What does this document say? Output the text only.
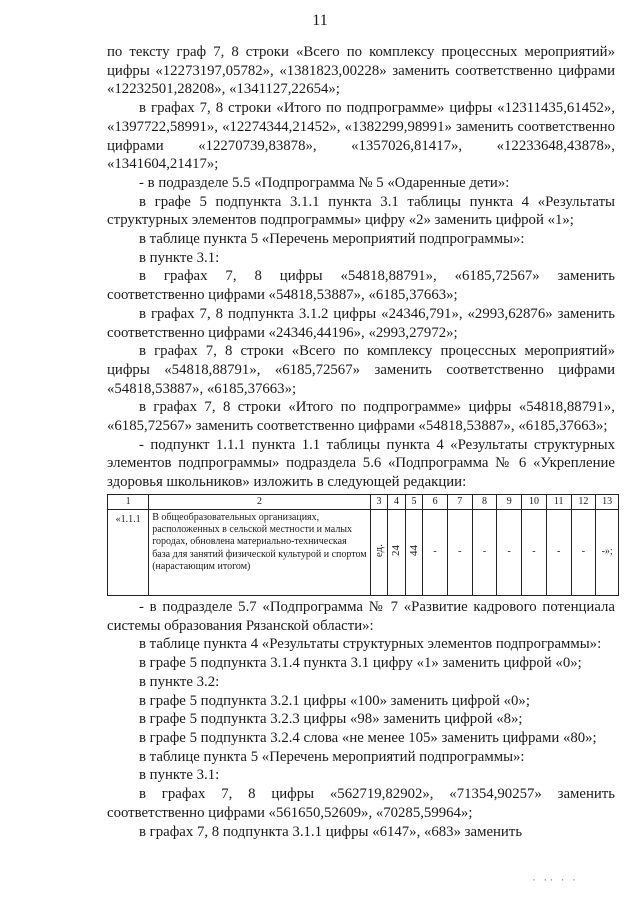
11

по тексту граф 7, 8 строки «Всего по комплексу процессных мероприятий» цифры «12273197,05782», «1381823,00228» заменить соответственно цифрами «12232501,28208», «1341127,22654»;

в графах 7, 8 строки «Итого по подпрограмме» цифры «12311435,61452», «1397722,58991», «12274344,21452», «1382299,98991» заменить соответственно цифрами «12270739,83878», «1357026,81417», «12233648,43878», «1341604,21417»;

- в подразделе 5.5 «Подпрограмма № 5 «Одаренные дети»:

в графе 5 подпункта 3.1.1 пункта 3.1 таблицы пункта 4 «Результаты структурных элементов подпрограммы» цифру «2» заменить цифрой «1»;

в таблице пункта 5 «Перечень мероприятий подпрограммы»:

в пункте 3.1:

в графах 7, 8 цифры «54818,88791», «6185,72567» заменить соответственно цифрами «54818,53887», «6185,37663»;

в графах 7, 8 подпункта 3.1.2 цифры «24346,791», «2993,62876» заменить соответственно цифрами «24346,44196», «2993,27972»;

в графах 7, 8 строки «Всего по комплексу процессных мероприятий» цифры «54818,88791», «6185,72567» заменить соответственно цифрами «54818,53887», «6185,37663»;

в графах 7, 8 строки «Итого по подпрограмме» цифры «54818,88791», «6185,72567» заменить соответственно цифрами «54818,53887», «6185,37663»;

- подпункт 1.1.1 пункта 1.1 таблицы пункта 4 «Результаты структурных элементов подпрограммы» подраздела 5.6 «Подпрограмма № 6 «Укрепление здоровья школьников» изложить в следующей редакции:

1	2	3	4	5	6	7	8	9	10	11	12	13
«1.1.1	В общеобразовательных организациях, расположенных в сельской местности и малых городах, обновлена материально-техническая база для занятий физической культурой и спортом (нарастающим итогом)	ед.	24	44	-	-	-	-	-	-	-	-»;

- в подразделе 5.7 «Подпрограмма № 7 «Развитие кадрового потенциала системы образования Рязанской области»:

в таблице пункта 4 «Результаты структурных элементов подпрограммы»:

в графе 5 подпункта 3.1.4 пункта 3.1 цифру «1» заменить цифрой «0»;

в пункте 3.2:

в графе 5 подпункта 3.2.1 цифры «100» заменить цифрой «0»;

в графе 5 подпункта 3.2.3 цифры «98» заменить цифрой «8»;

в графе 5 подпункта 3.2.4 слова «не менее 105» заменить цифрами «80»;

в таблице пункта 5 «Перечень мероприятий подпрограммы»:

в пункте 3.1:

в графах 7, 8 цифры «562719,82902», «71354,90257» заменить соответственно цифрами «561650,52609», «70285,59964»;

в графах 7, 8 подпункта 3.1.1 цифры «6147», «683» заменить

· ·· · ·
